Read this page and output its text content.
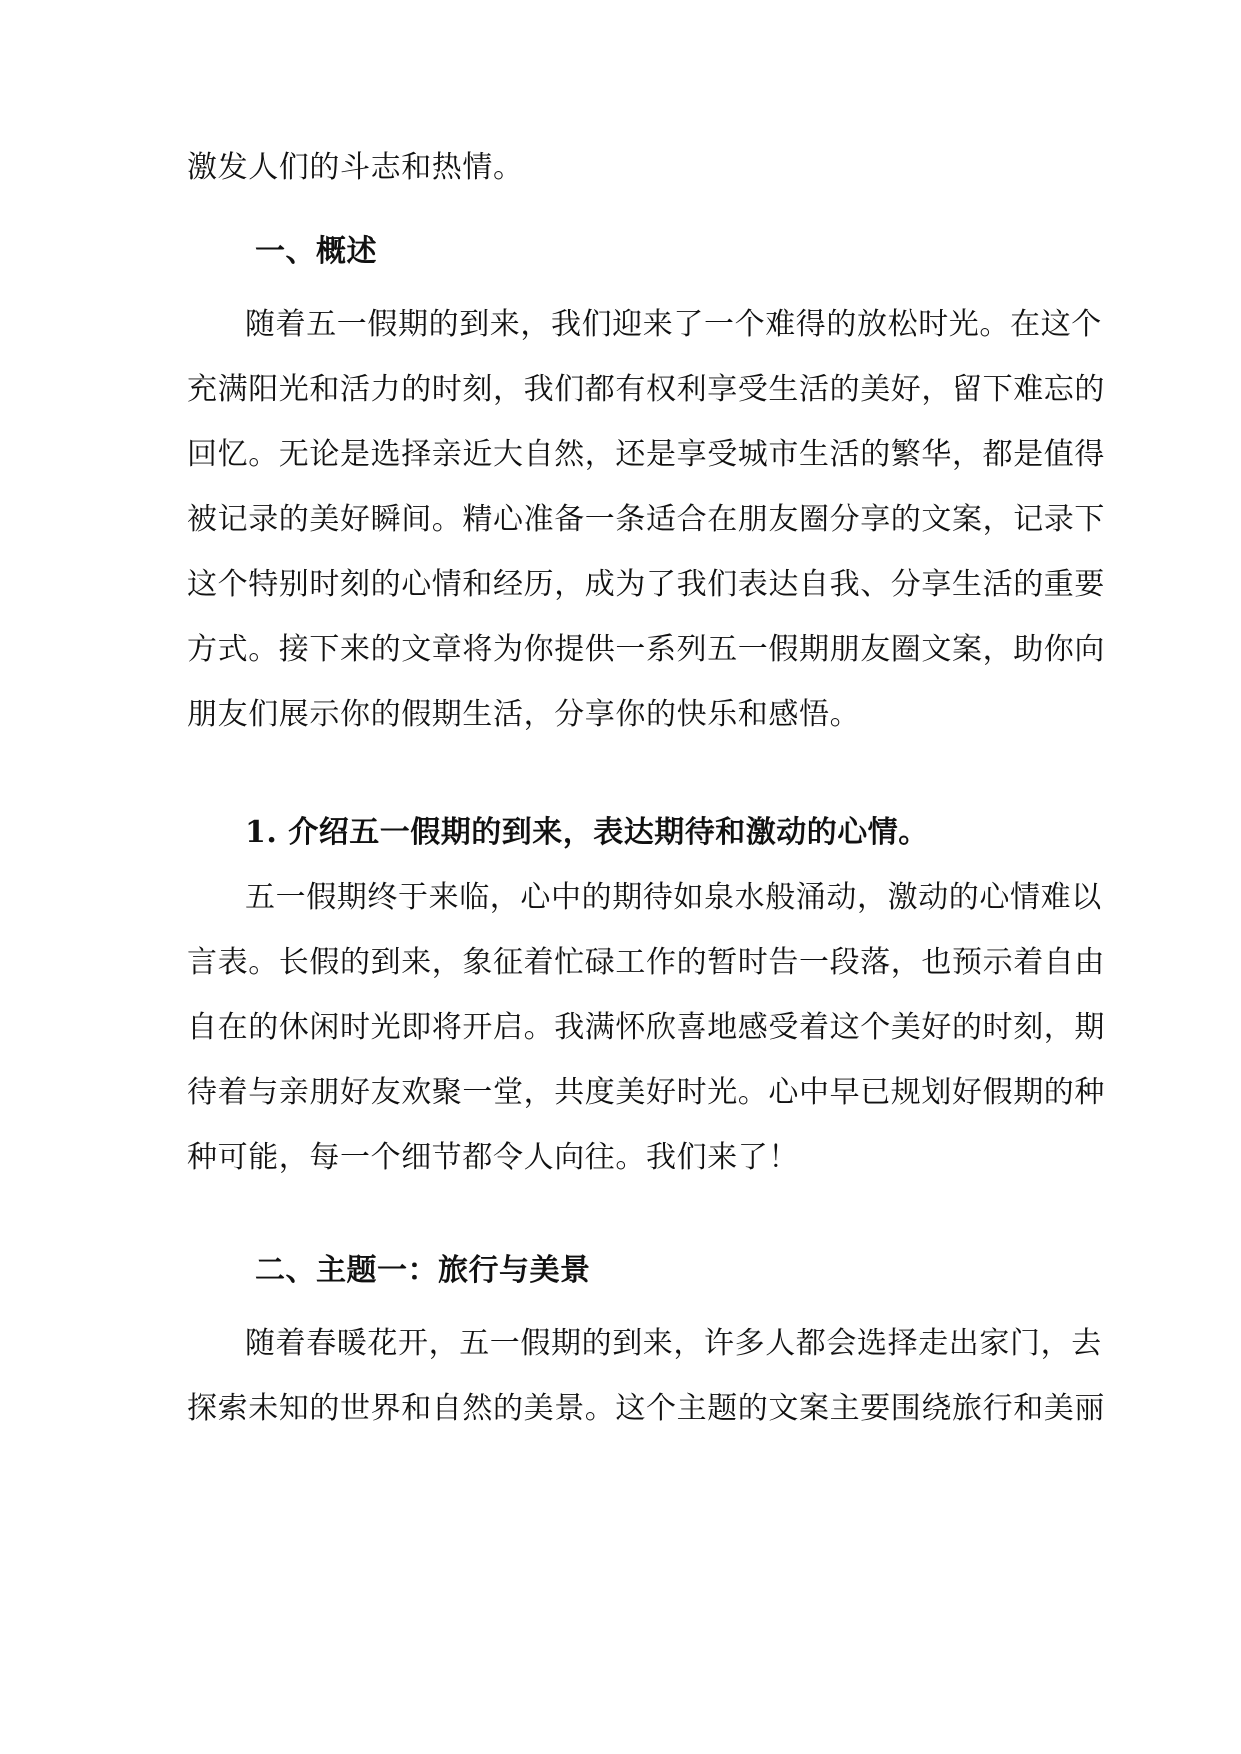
激发人们的斗志和热情。
一、概述
随着五一假期的到来，我们迎来了一个难得的放松时光。在这个
充满阳光和活力的时刻，我们都有权利享受生活的美好，留下难忘的
回忆。无论是选择亲近大自然，还是享受城市生活的繁华，都是值得
被记录的美好瞬间。精心准备一条适合在朋友圈分享的文案，记录下
这个特别时刻的心情和经历，成为了我们表达自我、分享生活的重要
方式。接下来的文章将为你提供一系列五一假期朋友圈文案，助你向
朋友们展示你的假期生活，分享你的快乐和感悟。
1. 介绍五一假期的到来，表达期待和激动的心情。
五一假期终于来临，心中的期待如泉水般涌动，激动的心情难以
言表。长假的到来，象征着忙碌工作的暂时告一段落，也预示着自由
自在的休闲时光即将开启。我满怀欣喜地感受着这个美好的时刻，期
待着与亲朋好友欢聚一堂，共度美好时光。心中早已规划好假期的种
种可能，每一个细节都令人向往。我们来了！
二、主题一：旅行与美景
随着春暖花开，五一假期的到来，许多人都会选择走出家门，去
探索未知的世界和自然的美景。这个主题的文案主要围绕旅行和美丽
